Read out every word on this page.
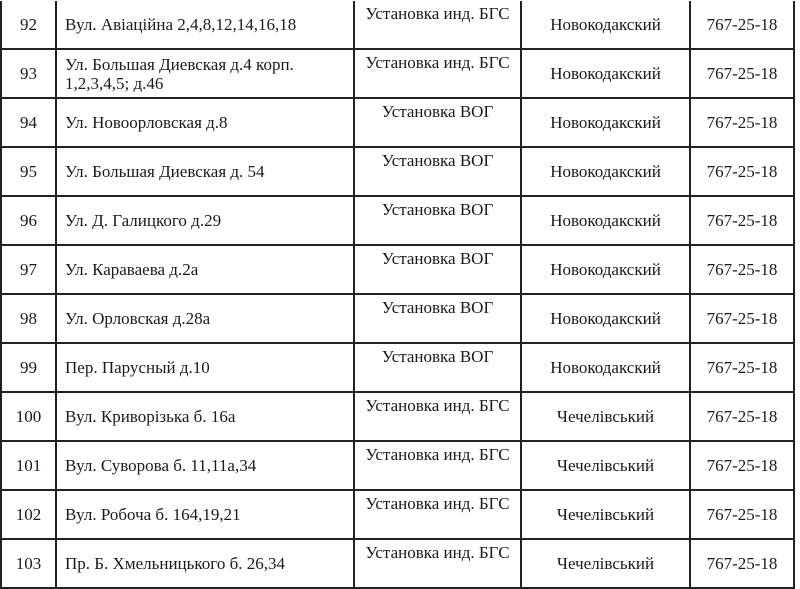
92	Вул. Авіаційна 2,4,8,12,14,16,18	Установка инд. БГС	Новокодакский	767-25-18
93	Ул. Большая Диевская д.4 корп. 1,2,3,4,5; д.46	Установка инд. БГС	Новокодакский	767-25-18
94	Ул. Новоорловская д.8	Установка ВОГ	Новокодакский	767-25-18
95	Ул. Большая Диевская д. 54	Установка ВОГ	Новокодакский	767-25-18
96	Ул. Д. Галицкого д.29	Установка ВОГ	Новокодакский	767-25-18
97	Ул. Караваева д.2а	Установка ВОГ	Новокодакский	767-25-18
98	Ул. Орловская д.28а	Установка ВОГ	Новокодакский	767-25-18
99	Пер. Парусный д.10	Установка ВОГ	Новокодакский	767-25-18
100	Вул. Криворізька б. 16а	Установка инд. БГС	Чечелівський	767-25-18
101	Вул. Суворова б. 11,11а,34	Установка инд. БГС	Чечелівський	767-25-18
102	Вул. Робоча б. 164,19,21	Установка инд. БГС	Чечелівський	767-25-18
103	Пр. Б. Хмельницького б. 26,34	Установка инд. БГС	Чечелівський	767-25-18
